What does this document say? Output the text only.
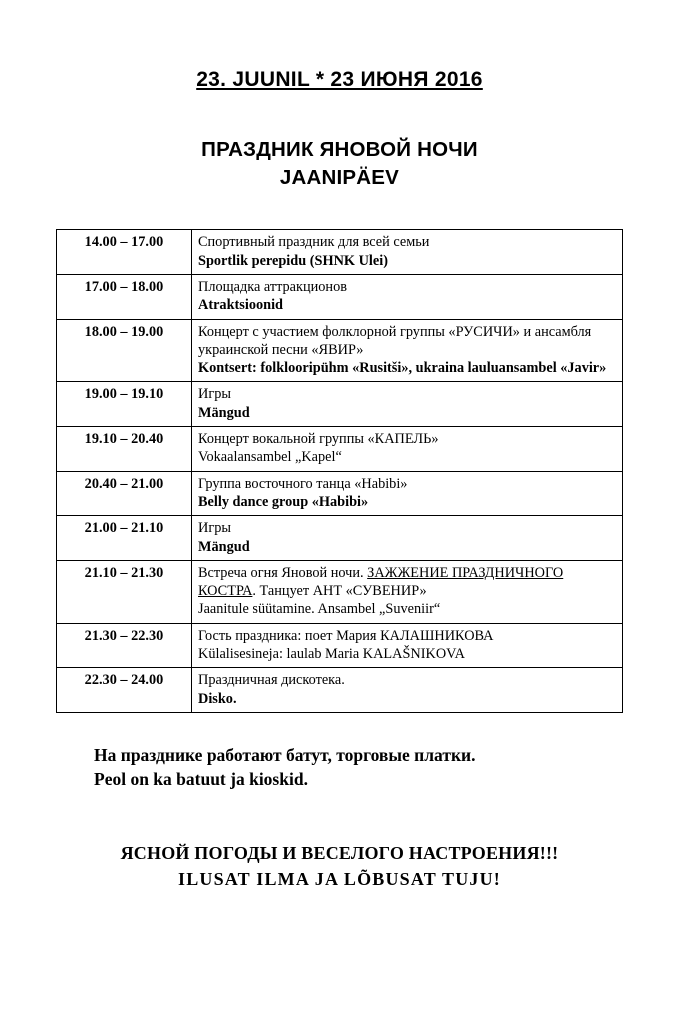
23. JUUNIL * 23 ИЮНЯ 2016
ПРАЗДНИК ЯНОВОЙ НОЧИ
JAANIPÄEV
14.00 – 17.00	Спортивный праздник для всей семьи
Sportlik perepidu (SHNK Ulei)

17.00 – 18.00	Площадка аттракционов
Atraktsioonid

18.00 – 19.00	Концерт с участием фолклорной группы «РУСИЧИ» и ансамбля украинской песни «ЯВИР»
Kontsert: folklooripühm «Rusitši», ukraina lauluansambel «Javir»

19.00 – 19.10	Игры
Mängud

19.10 – 20.40	Концерт вокальной группы «КАПЕЛЬ»
Vokaalansambel „Kapel“

20.40 – 21.00	Группа восточного танца «Habibi»
Belly dance group «Habibi»

21.00 – 21.10	Игры
Mängud

21.10 – 21.30	Встреча огня Яновой ночи. ЗАЖЖЕНИЕ ПРАЗДНИЧНОГО КОСТРА. Танцует АНТ «СУВЕНИР»
Jaanitule süütamine. Ansambel „Suveniir“

21.30 – 22.30	Гость праздника: поет Мария КАЛАШНИКОВА
Külalisesineja: laulab Maria KALAŠNIKOVA

22.30 – 24.00	Праздничная дискотека.
Disko.
На празднике работают батут, торговые платки.
Peol on ka batuut ja kioskid.
ЯСНОЙ ПОГОДЫ И ВЕСЕЛОГО НАСТРОЕНИЯ!!!
ILUSAT ILMA JA LÕBUSAT TUJU!
